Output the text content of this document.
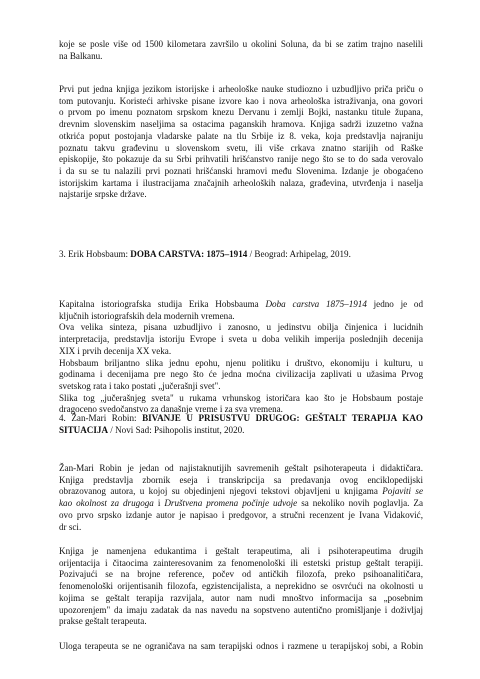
koje se posle više od 1500 kilometara završilo u okolini Soluna, da bi se zatim trajno naselili
na Balkanu.
Prvi put jedna knjiga jezikom istorijske i arheološke nauke studiozno i uzbudljivo priča priču o
tom putovanju. Koristeći arhivske pisane izvore kao i nova arheološka istraživanja, ona govori
o prvom po imenu poznatom srpskom knezu Dervanu i zemlji Bojki, nastanku titule župana,
drevnim slovenskim naseljima sa ostacima paganskih hramova. Knjiga sadrži izuzetno važna
otkrića poput postojanja vladarske palate na tlu Srbije iz 8. veka, koja predstavlja najraniju
poznatu takvu građevinu u slovenskom svetu, ili više crkava znatno starijih od Raške
episkopije, što pokazuje da su Srbi prihvatili hrišćanstvo ranije nego što se to do sada verovalo
i da su se tu nalazili prvi poznati hrišćanski hramovi među Slovenima. Izdanje je obogaćeno
istorijskim kartama i ilustracijama značajnih arheoloških nalaza, građevina, utvrđenja i naselja
najstarije srpske države.
3. Erik Hobsbaum: DOBA CARSTVA: 1875–1914 / Beograd: Arhipelag, 2019.
Kapitalna istoriografska studija Erika Hobsbauma Doba carstva 1875–1914 jedno je od
ključnih istoriografskih dela modernih vremena.
Ova velika sinteza, pisana uzbudljivo i zanosno, u jedinstvu obilja činjenica i lucidnih
interpretacija, predstavlja istoriju Evrope i sveta u doba velikih imperija poslednjih decenija
XIX i prvih decenija XX veka.
Hobsbaum briljantno slika jednu epohu, njenu politiku i društvo, ekonomiju i kulturu, u
godinama i decenijama pre nego što će jedna moćna civilizacija zaplivati u užasima Prvog
svetskog rata i tako postati „jučerašnji svet".
Slika tog „jučerašnjeg sveta" u rukama vrhunskog istoričara kao što je Hobsbaum postaje
dragoceno svedočanstvo za današnje vreme i za sva vremena.
4. Žan-Mari Robin: BIVANJE U PRISUSTVU DRUGOG: GEŠTALT TERAPIJA KAO
SITUACIJA / Novi Sad: Psihopolis institut, 2020.
Žan-Mari Robin je jedan od najistaknutijih savremenih geštalt psihoterapeuta i didaktičara.
Knjiga predstavlja zbornik eseja i transkripcija sa predavanja ovog enciklopedijski
obrazovanog autora, u kojoj su objedinjeni njegovi tekstovi objavljeni u knjigama Pojaviti se
kao okolnost za drugoga i Društvena promena počinje udvoje sa nekoliko novih poglavlja. Za
ovo prvo srpsko izdanje autor je napisao i predgovor, a stručni recenzent je Ivana Vidaković,
dr sci.
Knjiga je namenjena edukantima i geštalt terapeutima, ali i psihoterapeutima drugih
orijentacija i čitaocima zainteresovanim za fenomenološki ili estetski pristup geštalt terapiji.
Pozivajući se na brojne reference, počev od antičkih filozofa, preko psihoanalitičara,
fenomenološki orijentisanih filozofa, egzistencijalista, a neprekidno se osvrćući na okolnosti u
kojima se geštalt terapija razvijala, autor nam nudi mnoštvo informacija sa „posebnim
upozorenjem" da imaju zadatak da nas navedu na sopstveno autentično promišljanje i doživljaj
prakse geštalt terapeuta.
Uloga terapeuta se ne ograničava na sam terapijski odnos i razmene u terapijskoj sobi, a Robin
